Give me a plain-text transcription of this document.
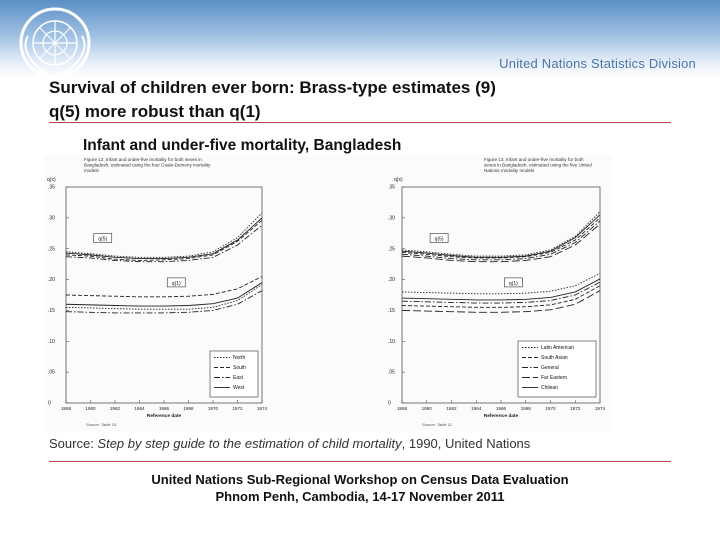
United Nations Statistics Division
Survival of children ever born: Brass-type estimates (9)
q(5) more robust than q(1)
Infant and under-five mortality, Bangladesh
Figure 12. Infant and under-five mortality for both sexes in Bangladesh, estimated using the four Coale-Demeny mortality models
q(x)
.35
.30
.25
.20
.15
.10
.05
0
1958	1960	1962	1964	1966	1968	1970	1972	1974
Reference date
Source: Table 10.
q(5)
q(1)
North
South
East
West
Figure 13. Infant and under-five mortality for both sexes in Bangladesh, estimated using the five United Nations mortality models
q(x)
.35
.30
.25
.20
.15
.10
.05
0
1958	1960	1962	1964	1966	1968	1970	1972	1974
Reference date
Source: Table 11.
q(5)
q(1)
Latin American
South Asian
General
Far Eastern
Chilean
Source: Step by step guide to the estimation of child mortality, 1990, United Nations
United Nations Sub-Regional Workshop on Census Data Evaluation
Phnom Penh, Cambodia, 14-17 November 2011
